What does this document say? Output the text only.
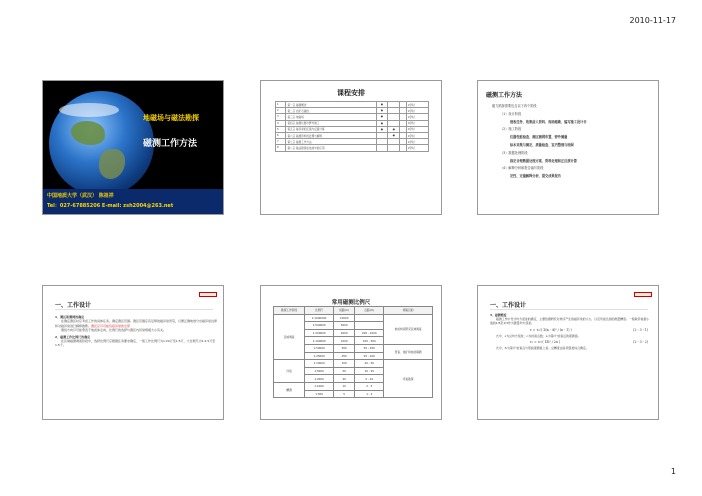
2010-11-17
地磁场与磁法勘探
磁测工作方法
中国地质大学（武汉） 陈祖祥
Tel：027-67885206 E-mail: zsh2004@263.net
课程安排
1	第一章 磁测概述	●			2学时
2	第二章 岩矿石磁性	●			2学时
3	第三章 地磁场	●			2学时
4	第四章 磁测仪器与野外施工	●			4学时
5	第五章 磁异常的正演与反演计算	●	●		4学时
6	第六章 磁测资料的处理与解释		●		4学时
7	第七章 磁测工作方法				2学时
8	第八章 磁法勘探在地质中的应用				2学时
磁测工作方法
磁力勘探需要包含以下四个阶段
（1）设计阶段
接收任务、收集前人资料、现场踏勘、编写施工设计书
（2）施工阶段
仪器性能检查、测区测网布置、野外测量
标本采集与测定、质量检查、室内整理与绘图
（3）数据处理阶段
指定合理数据处理方案、资料处理和正反演计算
（4）解释分析和报告编写阶段
定性、定量解释分析，提交成果报告
一、工作设计
1、测区和测网的确定
在确定测区时应考虑工作的具体任务，确定测区范围。测区范围应有足够的磁异常背景，以便正确地划分出磁异常边界和对磁异常进行解释推断。测区应尽可能包括异常的全部
测线方向尽可能垂直于地质体走向，比例尺的选择与测区内异常规模大小有关。
2、磁测工作比例尺的确定
在区域磁测调查阶段中，选择比例尺应根据任务要求确定，一般工作比例尺为1:20万至1:5万，大比例尺为1:2.5万至1:5千。
常用磁测比例尺
勘探工作阶段	比例尺	线距(m)	点距(m)	调查目的
区域调查	1:1000000	10000		地质构造研究区域调查
	1:500000	5000		
	1:200000	2000	200 - 1000	
	1:100000	1000	100 - 500	
	1:50000	500	50 - 250	普查、找矿和地质填图
	1:25000	250	25 - 100	
详查	1:10000	100	20 - 50	详查勘探
	1:5000	50	10 - 25	
	1:2000	20	5 - 10	
精测	1:1000	10	2 - 5	
	1:500	5	1 - 2	
一、工作设计
3、磁测精度
磁测工作中设计均方误差的确定，主要依据研究对象所产生的磁异常的大小，以及所能达到的测量精度。一般取异常最小值的1/5至1/3作为测量均方误差。
ε = ±√( Σ(xᵢ - x̄)² / (n - 1) )	(2 - 3 - 1)
式中，ε为总均方误差；n为检查点数；xᵢ为第i个检查点的观测值。
ε₁ = ±√( Σδᵢ² / 2n )	(2 - 3 - 2)
式中，δᵢ为第i个检查点与原始观测值之差。总精度由各项误差综合确定。
1
